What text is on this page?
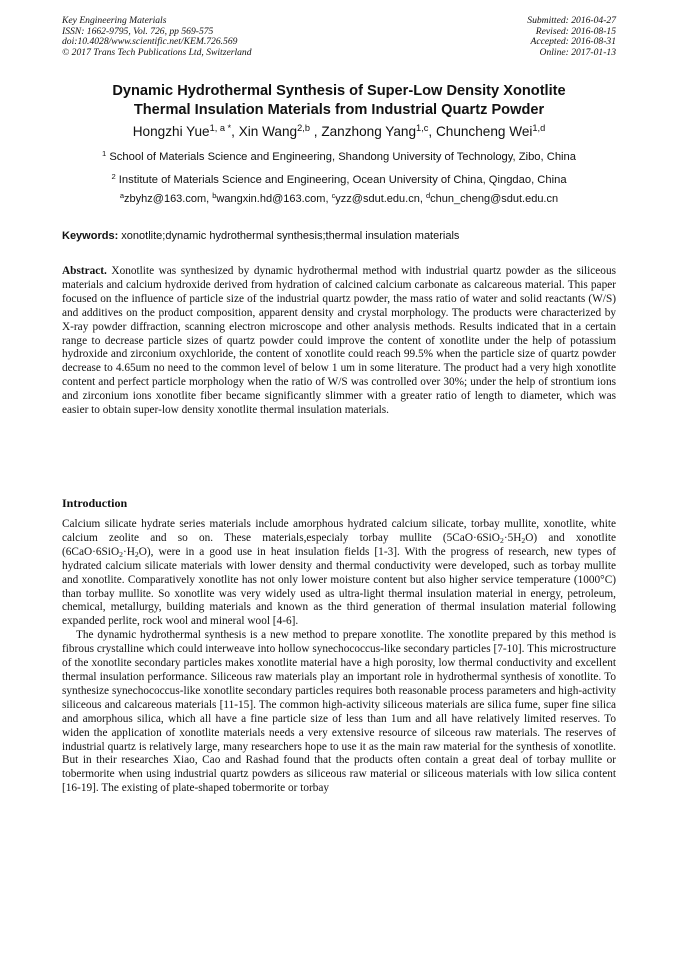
Key Engineering Materials
ISSN: 1662-9795, Vol. 726, pp 569-575
doi:10.4028/www.scientific.net/KEM.726.569
© 2017 Trans Tech Publications Ltd, Switzerland
Submitted: 2016-04-27
Revised: 2016-08-15
Accepted: 2016-08-31
Online: 2017-01-13
Dynamic Hydrothermal Synthesis of Super-Low Density Xonotlite
Thermal Insulation Materials from Industrial Quartz Powder
Hongzhi Yue$^{1, a *}$, Xin Wang$^{2,b}$ , Zanzhong Yang$^{1,c}$, Chuncheng Wei$^{1,d}$
$^1$ School of Materials Science and Engineering, Shandong University of Technology, Zibo, China
$^2$ Institute of Materials Science and Engineering, Ocean University of China, Qingdao, China
$^a$zbyhz@163.com, $^b$wangxin.hd@163.com, $^c$yzz@sdut.edu.cn, $^d$chun_cheng@sdut.edu.cn
Keywords: xonotlite;dynamic hydrothermal synthesis;thermal insulation materials
Abstract. Xonotlite was synthesized by dynamic hydrothermal method with industrial quartz powder as the siliceous materials and calcium hydroxide derived from hydration of calcined calcium carbonate as calcareous material. This paper focused on the influence of particle size of the industrial quartz powder, the mass ratio of water and solid reactants (W/S) and additives on the product composition, apparent density and crystal morphology. The products were characterized by X-ray powder diffraction, scanning electron microscope and other analysis methods. Results indicated that in a certain range to decrease particle sizes of quartz powder could improve the content of xonotlite under the help of potassium hydroxide and zirconium oxychloride, the content of xonotlite could reach 99.5% when the particle size of quartz powder decrease to 4.65um no need to the common level of below 1 um in some literature. The product had a very high xonotlite content and perfect particle morphology when the ratio of W/S was controlled over 30%; under the help of strontium ions and zirconium ions xonotlite fiber became significantly slimmer with a greater ratio of length to diameter, which was easier to obtain super-low density xonotlite thermal insulation materials.
Introduction

Calcium silicate hydrate series materials include amorphous hydrated calcium silicate, torbay mullite, xonotlite, white calcium zeolite and so on. These materials,especialy torbay mullite $(5CaO\cdot 6SiO_2\cdot 5H_2O)$ and xonotlite $(6CaO\cdot 6SiO_2\cdot H_2O)$, were in a good use in heat insulation fields [1-3]. With the progress of research, new types of hydrated calcium silicate materials with lower density and thermal conductivity were developed, such as torbay mullite and xonotlite. Comparatively xonotlite has not only lower moisture content but also higher service temperature (1000°C) than torbay mullite. So xonotlite was very widely used as ultra-light thermal insulation material in energy, petroleum, chemical, metallurgy, building materials and known as the third generation of thermal insulation material following expanded perlite, rock wool and mineral wool [4-6].

The dynamic hydrothermal synthesis is a new method to prepare xonotlite. The xonotlite prepared by this method is fibrous crystalline which could interweave into hollow synechococcus-like secondary particles [7-10]. This microstructure of the xonotlite secondary particles makes xonotlite material have a high porosity, low thermal conductivity and excellent thermal insulation performance. Siliceous raw materials play an important role in hydrothermal synthesis of xonotlite. To synthesize synechococcus-like xonotlite secondary particles requires both reasonable process parameters and high-activity siliceous and calcareous materials [11-15]. The common high-activity siliceous materials are silica fume, super fine silica and amorphous silica, which all have a fine particle size of less than 1um and all have relatively limited reserves. To widen the application of xonotlite materials needs a very extensive resource of silceous raw materials. The reserves of industrial quartz is relatively large, many researchers hope to use it as the main raw material for the synthesis of xonotlite. But in their researches Xiao, Cao and Rashad found that the products often contain a great deal of torbay mullite or tobermorite when using industrial quartz powders as siliceous raw material or siliceous materials with low silica content [16-19]. The existing of plate-shaped tobermorite or torbay
